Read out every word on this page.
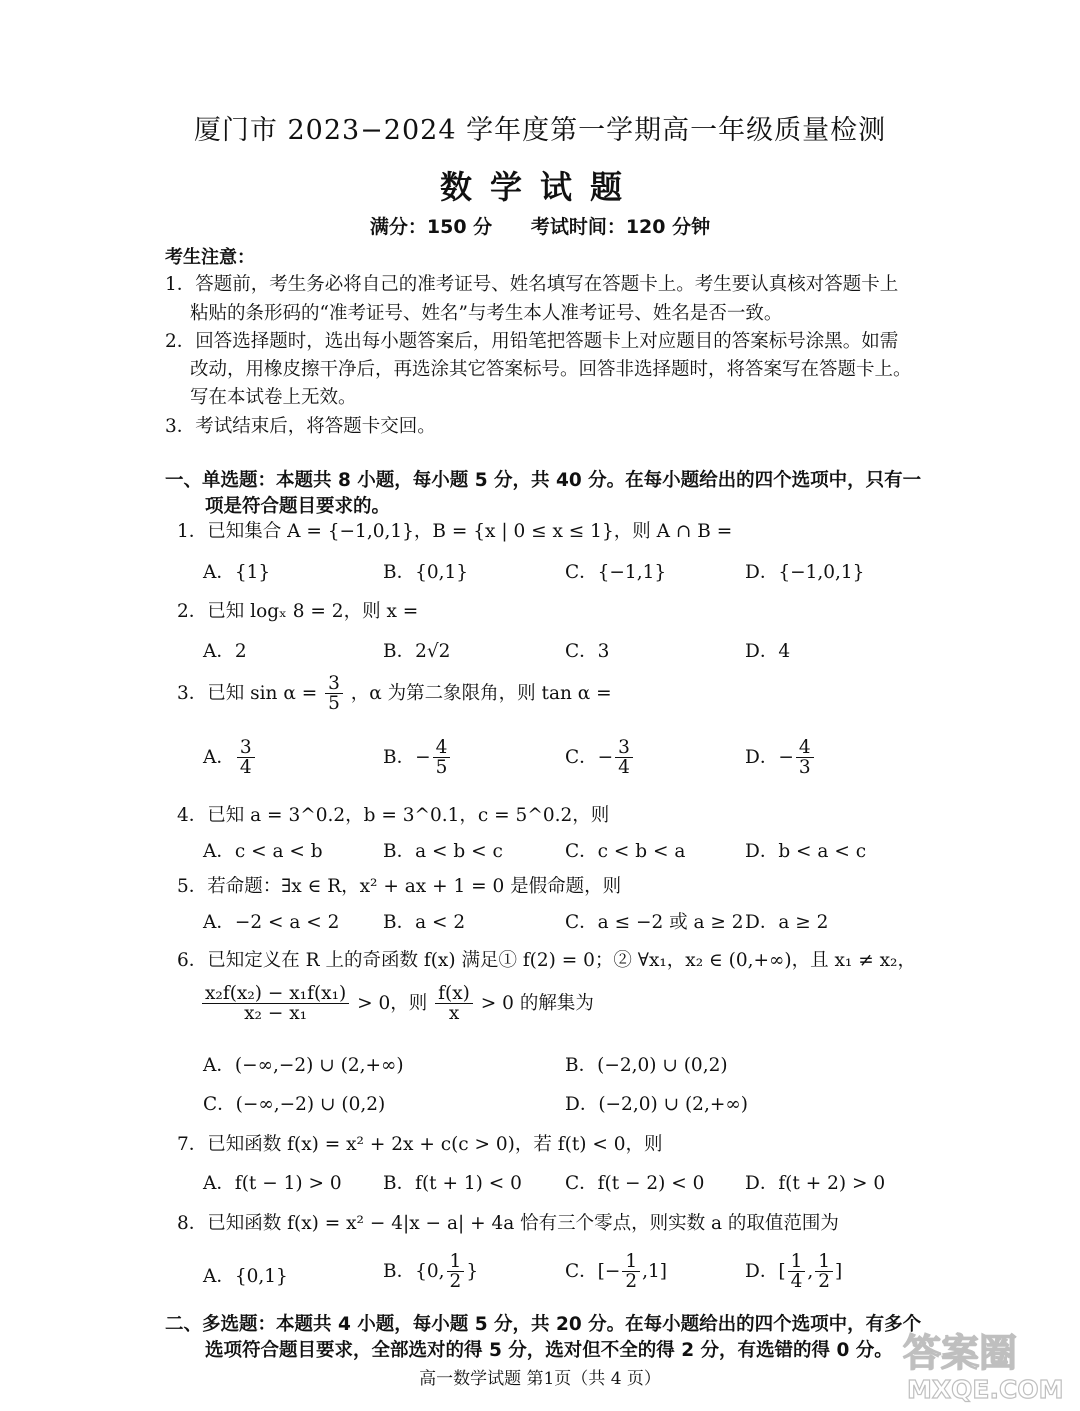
厦门市 2023−2024 学年度第一学期高一年级质量检测
数学试题
满分：150 分 考试时间：120 分钟
考生注意：
1．答题前，考生务必将自己的准考证号、姓名填写在答题卡上。考生要认真核对答题卡上
粘贴的条形码的“准考证号、姓名”与考生本人准考证号、姓名是否一致。
2．回答选择题时，选出每小题答案后，用铅笔把答题卡上对应题目的答案标号涂黑。如需
改动，用橡皮擦干净后，再选涂其它答案标号。回答非选择题时，将答案写在答题卡上。
写在本试卷上无效。
3．考试结束后，将答题卡交回。
一、单选题：本题共 8 小题，每小题 5 分，共 40 分。在每小题给出的四个选项中，只有一
项是符合题目要求的。
1．已知集合 A = {−1,0,1}，B = {x | 0 ≤ x ≤ 1}，则 A ∩ B =
A．{1}	B．{0,1}	C．{−1,1}	D．{−1,0,1}
2．已知 logₓ 8 = 2，则 x =
A．2	B．2√2	C．3	D．4
3．已知 $\sin \alpha = \frac{3}{5}$ ，α 为第二象限角，则 tan α =
A． $\frac{3}{4}$	B．− $\frac{4}{5}$	C．− $\frac{3}{4}$	D．− $\frac{4}{3}$
4．已知 a = 3^0.2，b = 3^0.1，c = 5^0.2，则
A．c < a < b	B．a < b < c	C．c < b < a	D．b < a < c
5．若命题：∃x ∈ R，x² + ax + 1 = 0 是假命题，则
A．−2 < a < 2 B．a < 2	C．a ≤ −2 或 a ≥ 2 D．a ≥ 2
6．已知定义在 R 上的奇函数 f(x) 满足① f(2) = 0；② ∀x₁，x₂ ∈ (0,+∞)，且 x₁ ≠ x₂，
$\frac{\text{x₂f(x₂) − x₁f(x₁)}}{\text{x₂ − x₁}} > 0$，则 $\frac{f(x)}{x} > 0$ 的解集为
A．(−∞,−2) ∪ (2,+∞)	B．(−2,0) ∪ (0,2)
C．(−∞,−2) ∪ (0,2)	D．(−2,0) ∪ (2,+∞)
7．已知函数 f(x) = x² + 2x + c(c > 0)，若 f(t) < 0，则
A．f(t − 1) > 0 B．f(t + 1) < 0 C．f(t − 2) < 0 D．f(t + 2) > 0
8．已知函数 f(x) = x² − 4|x − a| + 4a 恰有三个零点，则实数 a 的取值范围为
A．{0,1}	B．{0, $\frac{1}{2}$ }	C．[− $\frac{1}{2} ,1$]	D．[ $\frac{1}{4}$ , $\frac{1}{2}$ ]
二、多选题：本题共 4 小题，每小题 5 分，共 20 分。在每小题给出的四个选项中，有多个
选项符合题目要求，全部选对的得 5 分，选对但不全的得 2 分，有选错的得 0 分。
高一数学试题 第1页（共 4 页）
答案圈
MXQE.COM
